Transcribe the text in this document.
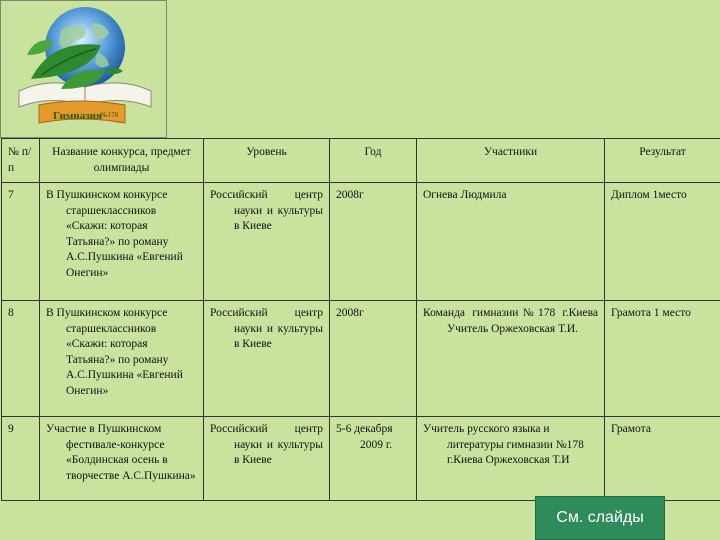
Гимназия №178
№ п/п	Название конкурса, предмет олимпиады	Уровень	Год	Участники	Результат
7	В Пушкинском конкурсе старшеклассников «Скажи: которая Татьяна?» по роману А.С.Пушкина «Евгений Онегин»	Российский центр науки и культуры в Киеве	2008г	Огнева Людмила	Диплом 1место
8	В Пушкинском конкурсе старшеклассников «Скажи: которая Татьяна?» по роману А.С.Пушкина «Евгений Онегин»	Российский центр науки и культуры в Киеве	2008г	Команда гимназии№178 г.Киева Учитель Оржеховская Т.И.	Грамота 1 место
9	Участие в Пушкинском фестивале-конкурсе «Болдинская осень в творчестве А.С.Пушкина»	Российский центр науки и культуры в Киеве	5-6 декабря 2009 г.	Учитель русского языка и литературы гимназии №178 г.Киева Оржеховская Т.И	Грамота
См. слайды
